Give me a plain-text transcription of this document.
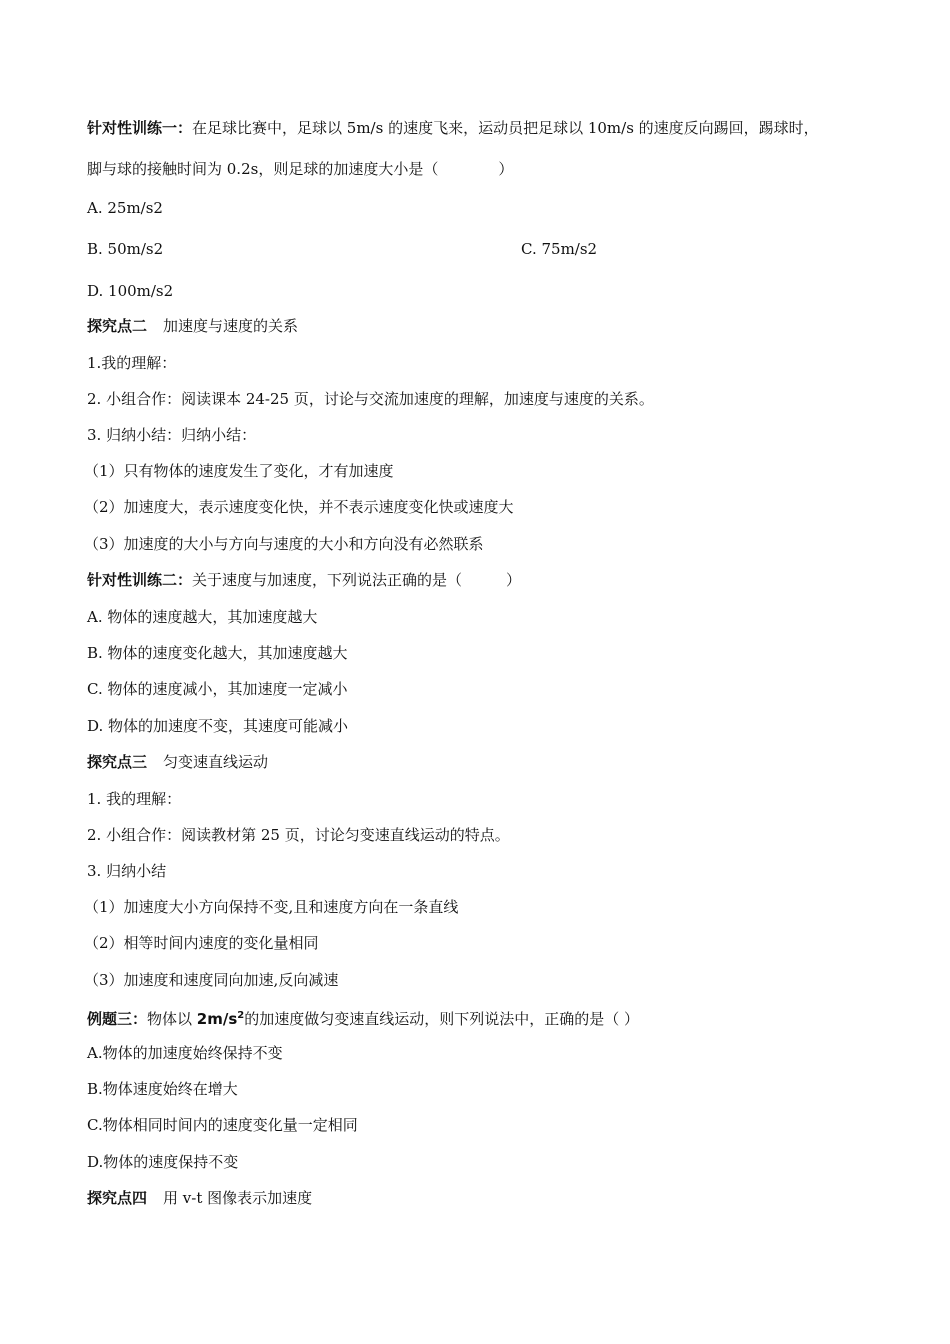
针对性训练一：在足球比赛中，足球以 5m/s 的速度飞来，运动员把足球以 10m/s 的速度反向踢回，踢球时，
脚与球的接触时间为 0.2s，则足球的加速度大小是（	）
A. 25m/s2
B. 50m/s2	C. 75m/s2
D. 100m/s2
探究点二 加速度与速度的关系
1.我的理解：
2. 小组合作：阅读课本 24-25 页，讨论与交流加速度的理解，加速度与速度的关系。
3. 归纳小结：归纳小结：
（1）只有物体的速度发生了变化，才有加速度
（2）加速度大，表示速度变化快，并不表示速度变化快或速度大
（3）加速度的大小与方向与速度的大小和方向没有必然联系
针对性训练二：关于速度与加速度，下列说法正确的是（	）
A. 物体的速度越大，其加速度越大
B. 物体的速度变化越大，其加速度越大
C. 物体的速度减小，其加速度一定减小
D. 物体的加速度不变，其速度可能减小
探究点三 匀变速直线运动
1. 我的理解：
2. 小组合作：阅读教材第 25 页，讨论匀变速直线运动的特点。
3. 归纳小结
（1）加速度大小方向保持不变,且和速度方向在一条直线
（2）相等时间内速度的变化量相同
（3）加速度和速度同向加速,反向减速
例题三：物体以 $2m/s^2$的加速度做匀变速直线运动，则下列说法中，正确的是（ ）
A.物体的加速度始终保持不变
B.物体速度始终在增大
C.物体相同时间内的速度变化量一定相同
D.物体的速度保持不变
探究点四 用 v-t 图像表示加速度
